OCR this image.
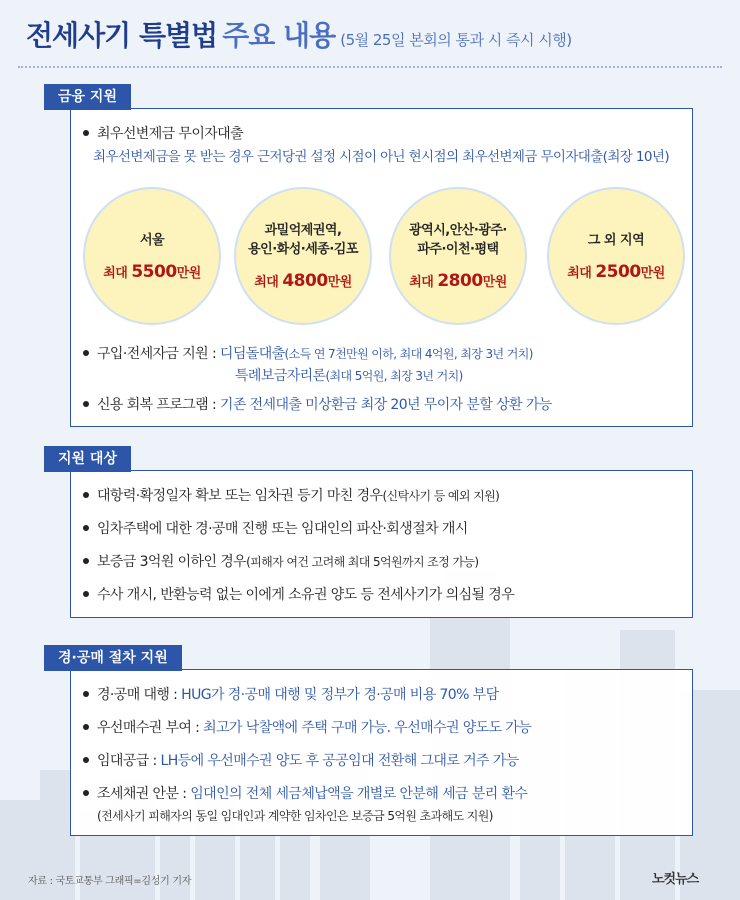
전세사기 특별법 주요 내용 (5월 25일 본회의 통과 시 즉시 시행)
금융 지원
최우선변제금 무이자대출
최우선변제금을 못 받는 경우 근저당권 설정 시점이 아닌 현시점의 최우선변제금 무이자대출(최장 10년)
서울
최대 5500만원
과밀억제권역,
용인·화성·세종·김포
최대 4800만원
광역시,안산·광주·
파주·이천·평택
최대 2800만원
그 외 지역
최대 2500만원
구입·전세자금 지원 : 디딤돌대출(소득 연 7천만원 이하, 최대 4억원, 최장 3년 거치)
특례보금자리론(최대 5억원, 최장 3년 거치)
신용 회복 프로그램 : 기존 전세대출 미상환금 최장 20년 무이자 분할 상환 가능
지원 대상
대항력·확정일자 확보 또는 임차권 등기 마친 경우(신탁사기 등 예외 지원)
임차주택에 대한 경·공매 진행 또는 임대인의 파산·회생절차 개시
보증금 3억원 이하인 경우(피해자 여건 고려해 최대 5억원까지 조정 가능)
수사 개시, 반환능력 없는 이에게 소유권 양도 등 전세사기가 의심될 경우
경·공매 절차 지원
경·공매 대행 : HUG가 경·공매 대행 및 정부가 경·공매 비용 70% 부담
우선매수권 부여 : 최고가 낙찰액에 주택 구매 가능. 우선매수권 양도도 가능
임대공급 : LH등에 우선매수권 양도 후 공공임대 전환해 그대로 거주 가능
조세채권 안분 : 임대인의 전체 세금체납액을 개별로 안분해 세금 분리 환수
(전세사기 피해자의 동일 임대인과 계약한 임차인은 보증금 5억원 초과해도 지원)
자료 : 국토교통부 그래픽=김성기 기자	노컷뉴스
